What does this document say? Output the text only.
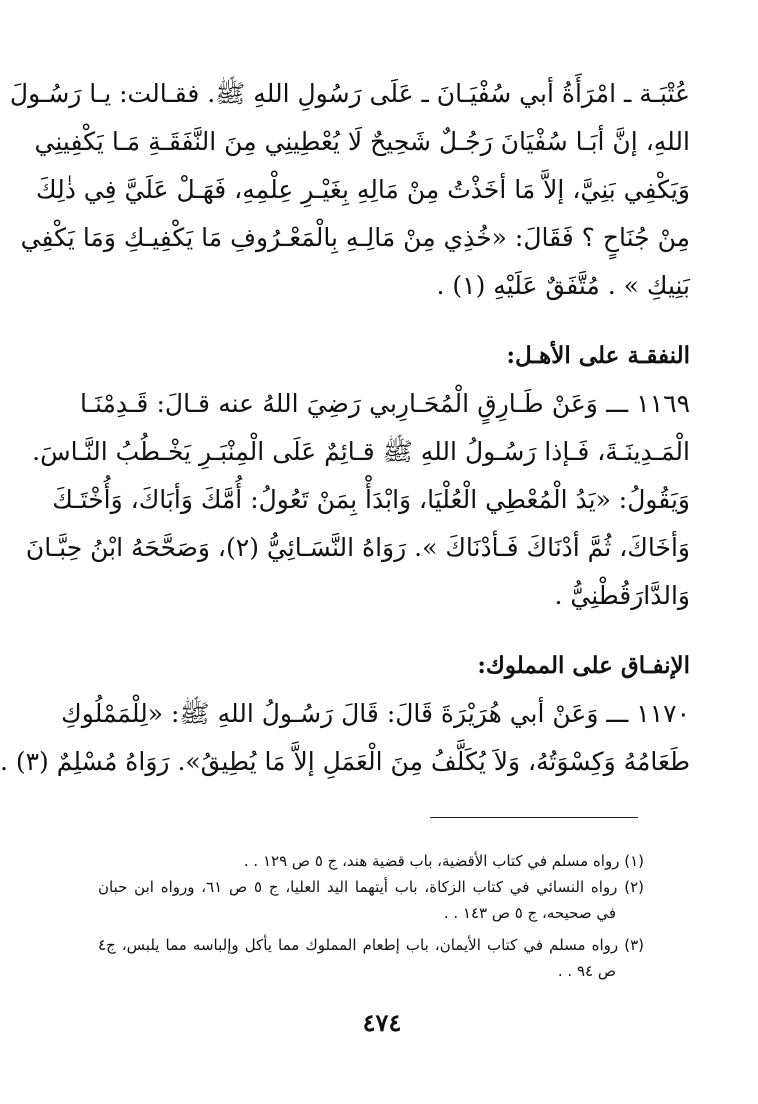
عُتْبَـة ـ امْرَأَةُ أبي سُفْيَـانَ ـ عَلَى رَسُولِ اللهِ ﷺ. فقـالت: يـا رَسُـولَ
اللهِ، إنَّ أبَـا سُفْيَانَ رَجُـلٌ شَحِيحٌ لَا يُعْطِينِي مِنَ النَّفَقَـةِ مَـا يَكْفِينِي
وَيَكْفِي بَنِيَّ، إلاَّ مَا أخَذْتُ مِنْ مَالِهِ بِغَيْـرِ عِلْمِهِ، فَهَـلْ عَلَيَّ فِي ذٰلِكَ
مِنْ جُنَاحٍ ؟ فَقَالَ: «خُذِي مِنْ مَالِـهِ بِالْمَعْـرُوفِ مَا يَكْفِيـكِ وَمَا يَكْفِي
بَنِيكِ » . مُتَّفَقٌ عَلَيْهِ (١) .
النفقـة على الأهـل:
١١٦٩ ـــ وَعَنْ طَـارِقٍ الْمُحَـارِبي رَضِيَ اللهُ عنه قـالَ: قَـدِمْنَـا
الْمَـدِينَـةَ، فَـإذا رَسُـولُ اللهِ ﷺ قـائِمٌ عَلَى الْمِنْبَـرِ يَخْـطُبُ النَّـاسَ.
وَيَقُولُ: «يَدُ الْمُعْطِي الْعُلْيَا، وَابْدَأْ بِمَنْ تَعُولُ: أُمَّكَ وَأبَاكَ، وَأُخْتَـكَ
وَأخَاكَ، ثُمَّ أدْنَاكَ فَـأدْنَاكَ ». رَوَاهُ النَّسَـائِيُّ (٢)، وَصَحَّحَهُ ابْنُ حِبَّـانَ
وَالدَّارَقُطْنِيُّ .
الإنفـاق على المملوك:
١١٧٠ ـــ وَعَنْ أبي هُرَيْرَةَ قَالَ: قَالَ رَسُـولُ اللهِ ﷺ: «لِلْمَمْلُوكِ
طَعَامُهُ وَكِسْوَتُهُ، وَلاَ يُكَلَّفُ مِنَ الْعَمَلِ إلاَّ مَا يُطِيقُ». رَوَاهُ مُسْلِمٌ (٣) .
(١) رواه مسلم في كتاب الأقضية، باب قضية هند، ج ٥ ص ١٢٩ . .
(٢) رواه النسائي في كتاب الزكاة، باب أيتهما اليد العليا، ج ٥ ص ٦١، ورواه ابن حبان
في صحيحه، ج ٥ ص ١٤٣ . .
(٣) رواه مسلم في كتاب الأيمان، باب إطعام المملوك مما يأكل وإلباسه مما يلبس، ج٤
ص ٩٤ . .
٤٧٤
